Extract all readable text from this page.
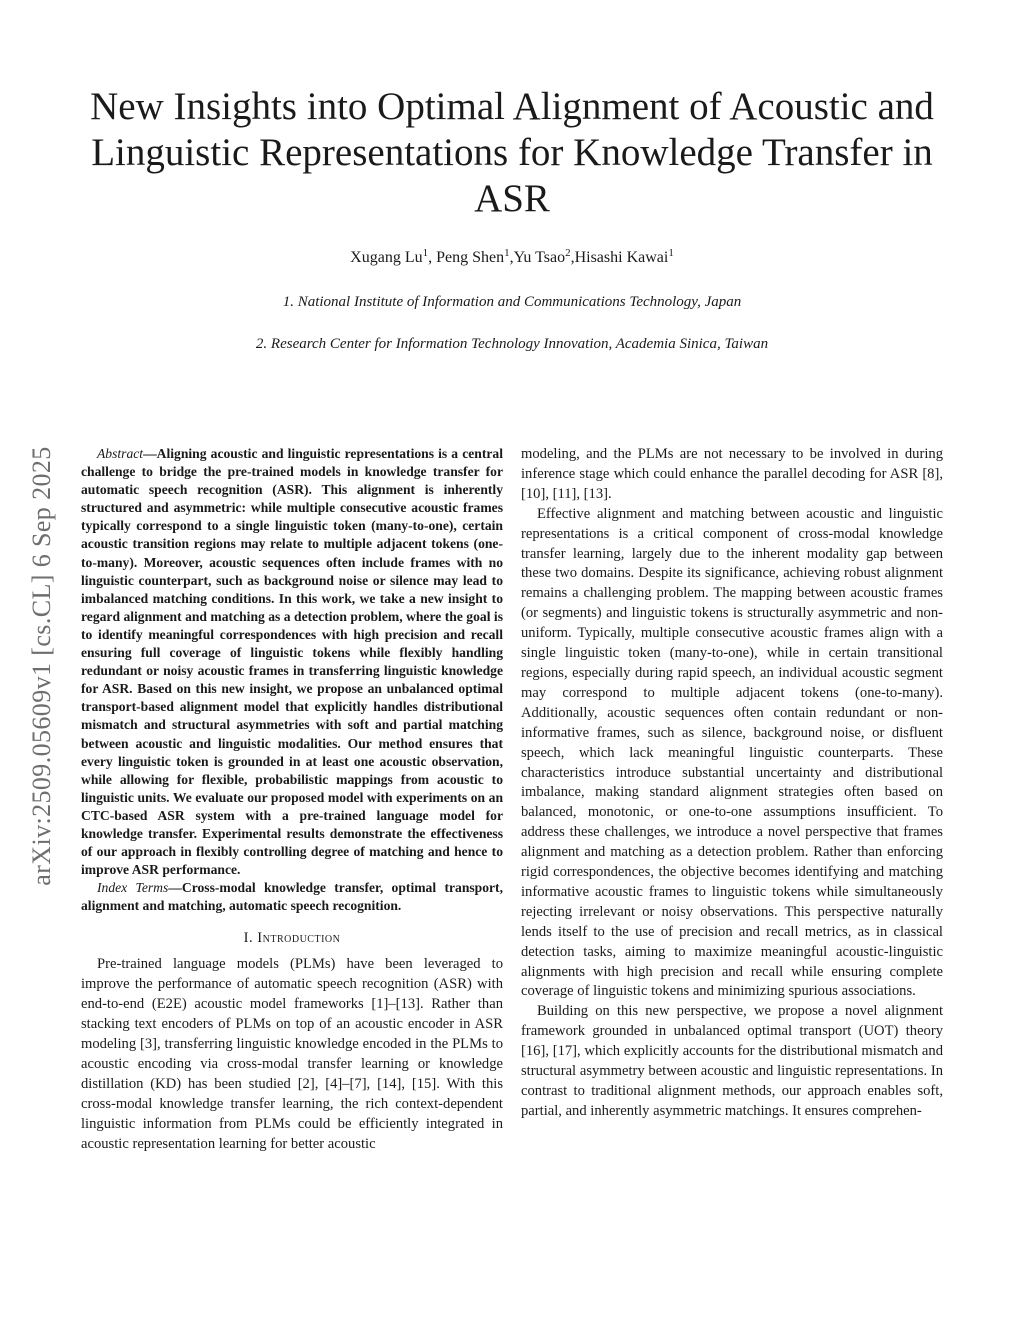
arXiv:2509.05609v1 [cs.CL] 6 Sep 2025
New Insights into Optimal Alignment of Acoustic and Linguistic Representations for Knowledge Transfer in ASR
Xugang Lu$^1$, Peng Shen$^1$,Yu Tsao$^2$,Hisashi Kawai$^1$
1. National Institute of Information and Communications Technology, Japan
2. Research Center for Information Technology Innovation, Academia Sinica, Taiwan

Abstract—Aligning acoustic and linguistic representations is a central challenge to bridge the pre-trained models in knowledge transfer for automatic speech recognition (ASR). This alignment is inherently structured and asymmetric: while multiple consecutive acoustic frames typically correspond to a single linguistic token (many-to-one), certain acoustic transition regions may relate to multiple adjacent tokens (one-to-many). Moreover, acoustic sequences often include frames with no linguistic counterpart, such as background noise or silence may lead to imbalanced matching conditions. In this work, we take a new insight to regard alignment and matching as a detection problem, where the goal is to identify meaningful correspondences with high precision and recall ensuring full coverage of linguistic tokens while flexibly handling redundant or noisy acoustic frames in transferring linguistic knowledge for ASR. Based on this new insight, we propose an unbalanced optimal transport-based alignment model that explicitly handles distributional mismatch and structural asymmetries with soft and partial matching between acoustic and linguistic modalities. Our method ensures that every linguistic token is grounded in at least one acoustic observation, while allowing for flexible, probabilistic mappings from acoustic to linguistic units. We evaluate our proposed model with experiments on an CTC-based ASR system with a pre-trained language model for knowledge transfer. Experimental results demonstrate the effectiveness of our approach in flexibly controlling degree of matching and hence to improve ASR performance.

Index Terms—Cross-modal knowledge transfer, optimal transport, alignment and matching, automatic speech recognition.

I. Introduction

Pre-trained language models (PLMs) have been leveraged to improve the performance of automatic speech recognition (ASR) with end-to-end (E2E) acoustic model frameworks [1]–[13]. Rather than stacking text encoders of PLMs on top of an acoustic encoder in ASR modeling [3], transferring linguistic knowledge encoded in the PLMs to acoustic encoding via cross-modal transfer learning or knowledge distillation (KD) has been studied [2], [4]–[7], [14], [15]. With this cross-modal knowledge transfer learning, the rich context-dependent linguistic information from PLMs could be efficiently integrated in acoustic representation learning for better acoustic

modeling, and the PLMs are not necessary to be involved in during inference stage which could enhance the parallel decoding for ASR [8], [10], [11], [13].

Effective alignment and matching between acoustic and linguistic representations is a critical component of cross-modal knowledge transfer learning, largely due to the inherent modality gap between these two domains. Despite its significance, achieving robust alignment remains a challenging problem. The mapping between acoustic frames (or segments) and linguistic tokens is structurally asymmetric and non-uniform. Typically, multiple consecutive acoustic frames align with a single linguistic token (many-to-one), while in certain transitional regions, especially during rapid speech, an individual acoustic segment may correspond to multiple adjacent tokens (one-to-many). Additionally, acoustic sequences often contain redundant or non-informative frames, such as silence, background noise, or disfluent speech, which lack meaningful linguistic counterparts. These characteristics introduce substantial uncertainty and distributional imbalance, making standard alignment strategies often based on balanced, monotonic, or one-to-one assumptions insufficient. To address these challenges, we introduce a novel perspective that frames alignment and matching as a detection problem. Rather than enforcing rigid correspondences, the objective becomes identifying and matching informative acoustic frames to linguistic tokens while simultaneously rejecting irrelevant or noisy observations. This perspective naturally lends itself to the use of precision and recall metrics, as in classical detection tasks, aiming to maximize meaningful acoustic-linguistic alignments with high precision and recall while ensuring complete coverage of linguistic tokens and minimizing spurious associations.

Building on this new perspective, we propose a novel alignment framework grounded in unbalanced optimal transport (UOT) theory [16], [17], which explicitly accounts for the distributional mismatch and structural asymmetry between acoustic and linguistic representations. In contrast to traditional alignment methods, our approach enables soft, partial, and inherently asymmetric matchings. It ensures comprehen-
